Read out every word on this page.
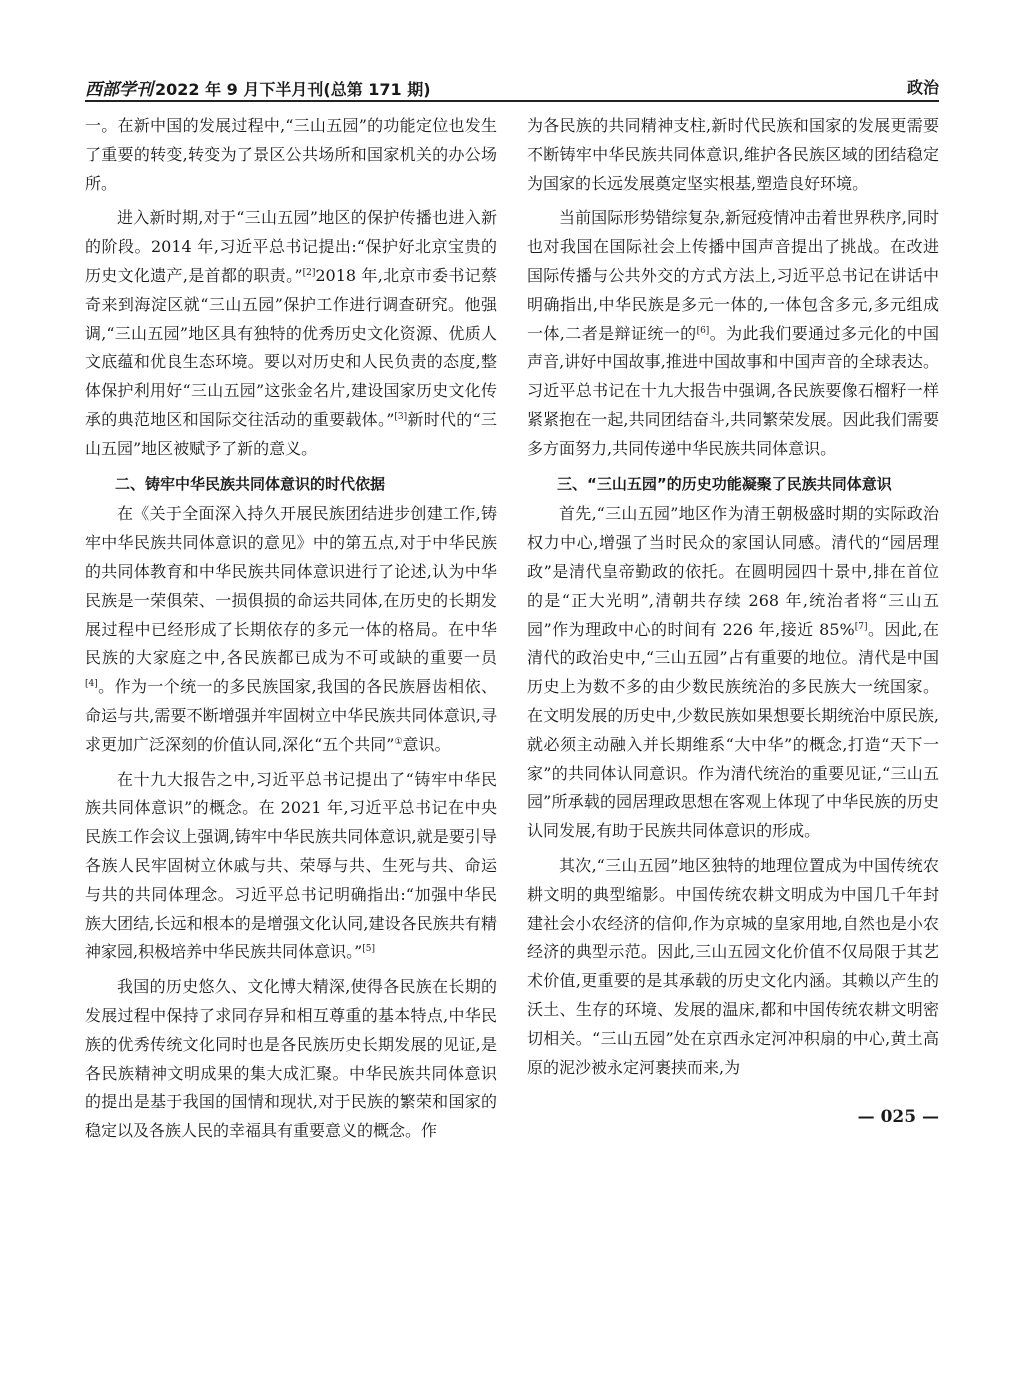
西部学刊 2022 年 9 月下半月刊(总第 171 期)	政治

一。在新中国的发展过程中,“三山五园”的功能定位也发生了重要的转变,转变为了景区公共场所和国家机关的办公场所。

进入新时期,对于“三山五园”地区的保护传播也进入新的阶段。2014 年,习近平总书记提出:“保护好北京宝贵的历史文化遗产,是首都的职责。”[2]2018 年,北京市委书记蔡奇来到海淀区就“三山五园”保护工作进行调查研究。他强调,“三山五园”地区具有独特的优秀历史文化资源、优质人文底蕴和优良生态环境。要以对历史和人民负责的态度,整体保护利用好“三山五园”这张金名片,建设国家历史文化传承的典范地区和国际交往活动的重要载体。”[3]新时代的“三山五园”地区被赋予了新的意义。

二、铸牢中华民族共同体意识的时代依据

在《关于全面深入持久开展民族团结进步创建工作,铸牢中华民族共同体意识的意见》中的第五点,对于中华民族的共同体教育和中华民族共同体意识进行了论述,认为中华民族是一荣俱荣、一损俱损的命运共同体,在历史的长期发展过程中已经形成了长期依存的多元一体的格局。在中华民族的大家庭之中,各民族都已成为不可或缺的重要一员[4]。作为一个统一的多民族国家,我国的各民族唇齿相依、命运与共,需要不断增强并牢固树立中华民族共同体意识,寻求更加广泛深刻的价值认同,深化“五个共同”①意识。

在十九大报告之中,习近平总书记提出了“铸牢中华民族共同体意识”的概念。在 2021 年,习近平总书记在中央民族工作会议上强调,铸牢中华民族共同体意识,就是要引导各族人民牢固树立休戚与共、荣辱与共、生死与共、命运与共的共同体理念。习近平总书记明确指出:“加强中华民族大团结,长远和根本的是增强文化认同,建设各民族共有精神家园,积极培养中华民族共同体意识。”[5]

我国的历史悠久、文化博大精深,使得各民族在长期的发展过程中保持了求同存异和相互尊重的基本特点,中华民族的优秀传统文化同时也是各民族历史长期发展的见证,是各民族精神文明成果的集大成汇聚。中华民族共同体意识的提出是基于我国的国情和现状,对于民族的繁荣和国家的稳定以及各族人民的幸福具有重要意义的概念。作

为各民族的共同精神支柱,新时代民族和国家的发展更需要不断铸牢中华民族共同体意识,维护各民族区域的团结稳定为国家的长远发展奠定坚实根基,塑造良好环境。

当前国际形势错综复杂,新冠疫情冲击着世界秩序,同时也对我国在国际社会上传播中国声音提出了挑战。在改进国际传播与公共外交的方式方法上,习近平总书记在讲话中明确指出,中华民族是多元一体的,一体包含多元,多元组成一体,二者是辩证统一的[6]。为此我们要通过多元化的中国声音,讲好中国故事,推进中国故事和中国声音的全球表达。习近平总书记在十九大报告中强调,各民族要像石榴籽一样紧紧抱在一起,共同团结奋斗,共同繁荣发展。因此我们需要多方面努力,共同传递中华民族共同体意识。

三、“三山五园”的历史功能凝聚了民族共同体意识

首先,“三山五园”地区作为清王朝极盛时期的实际政治权力中心,增强了当时民众的家国认同感。清代的“园居理政”是清代皇帝勤政的依托。在圆明园四十景中,排在首位的是“正大光明”,清朝共存续 268 年,统治者将“三山五园”作为理政中心的时间有 226 年,接近 85%[7]。因此,在清代的政治史中,“三山五园”占有重要的地位。清代是中国历史上为数不多的由少数民族统治的多民族大一统国家。在文明发展的历史中,少数民族如果想要长期统治中原民族,就必须主动融入并长期维系“大中华”的概念,打造“天下一家”的共同体认同意识。作为清代统治的重要见证,“三山五园”所承载的园居理政思想在客观上体现了中华民族的历史认同发展,有助于民族共同体意识的形成。

其次,“三山五园”地区独特的地理位置成为中国传统农耕文明的典型缩影。中国传统农耕文明成为中国几千年封建社会小农经济的信仰,作为京城的皇家用地,自然也是小农经济的典型示范。因此,三山五园文化价值不仅局限于其艺术价值,更重要的是其承载的历史文化内涵。其赖以产生的沃土、生存的环境、发展的温床,都和中国传统农耕文明密切相关。“三山五园”处在京西永定河冲积扇的中心,黄土高原的泥沙被永定河裹挟而来,为

— 025 —
